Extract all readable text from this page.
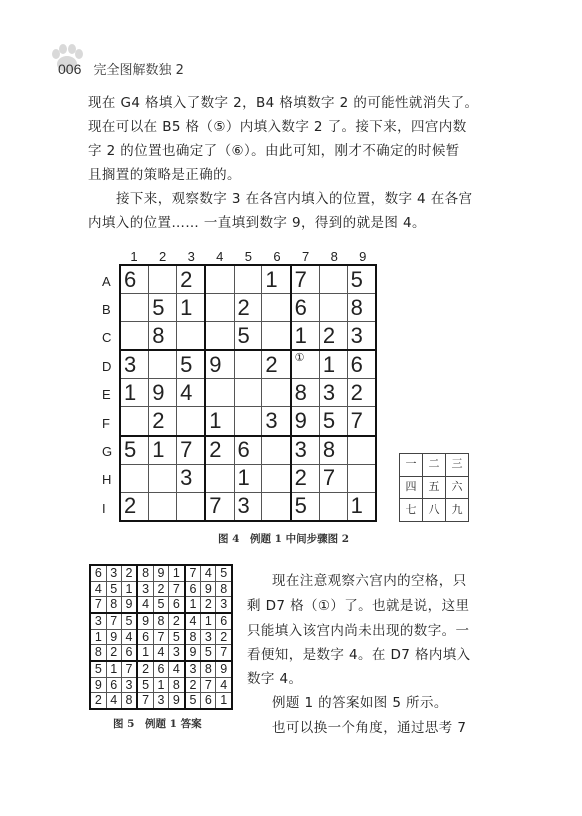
006 完全图解数独 2
现在 G4 格填入了数字 2，B4 格填数字 2 的可能性就消失了。
现在可以在 B5 格（⑤）内填入数字 2 了。接下来，四宫内数
字 2 的位置也确定了（⑥）。由此可知，刚才不确定的时候暂
且搁置的策略是正确的。
接下来，观察数字 3 在各宫内填入的位置，数字 4 在各宫
内填入的位置…… 一直填到数字 9，得到的就是图 4。
1	2	3	4	5	6	7	8	9
A
B
C
D
E
F
G
H
I
6		2			1	7		5
	5	1		2		6		8
	8			5		1	2	3
3		5	9		2	①	1	6
1	9	4				8	3	2
	2		1		3	9	5	7
5	1	7	2	6		3	8	
		3		1		2	7	
2			7	3		5		1
一	二	三
四	五	六
七	八	九
图 4　例题 1 中间步骤图 2
6	3	2	8	9	1	7	4	5
4	5	1	3	2	7	6	9	8
7	8	9	4	5	6	1	2	3
3	7	5	9	8	2	4	1	6
1	9	4	6	7	5	8	3	2
8	2	6	1	4	3	9	5	7
5	1	7	2	6	4	3	8	9
9	6	3	5	1	8	2	7	4
2	4	8	7	3	9	5	6	1
图 5　例题 1 答案
现在注意观察六宫内的空格，只
剩 D7 格（①）了。也就是说，这里
只能填入该宫内尚未出现的数字。一
看便知，是数字 4。在 D7 格内填入
数字 4。
例题 1 的答案如图 5 所示。
也可以换一个角度，通过思考 7
